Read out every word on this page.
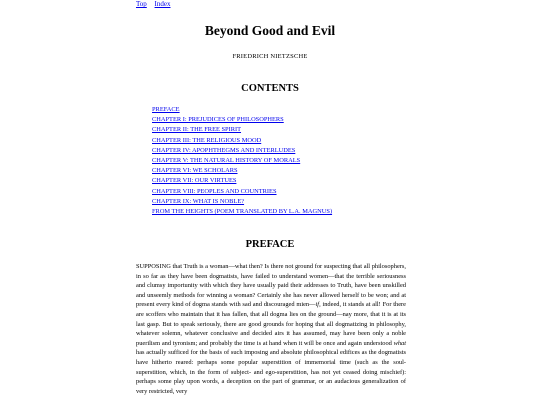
Top Index
Beyond Good and Evil
FRIEDRICH NIETZSCHE
CONTENTS
PREFACE
CHAPTER I: PREJUDICES OF PHILOSOPHERS
CHAPTER II: THE FREE SPIRIT
CHAPTER III: THE RELIGIOUS MOOD
CHAPTER IV: APOPHTHEGMS AND INTERLUDES
CHAPTER V: THE NATURAL HISTORY OF MORALS
CHAPTER VI: WE SCHOLARS
CHAPTER VII: OUR VIRTUES
CHAPTER VIII: PEOPLES AND COUNTRIES
CHAPTER IX: WHAT IS NOBLE?
FROM THE HEIGHTS (POEM TRANSLATED BY L.A. MAGNUS)
PREFACE

SUPPOSING that Truth is a woman—what then? Is there not ground for suspecting that all philosophers, in so far as they have been dogmatists, have failed to understand women—that the terrible seriousness and clumsy importunity with which they have usually paid their addresses to Truth, have been unskilled and unseemly methods for winning a woman? Certainly she has never allowed herself to be won; and at present every kind of dogma stands with sad and discouraged mien—if, indeed, it stands at all! For there are scoffers who maintain that it has fallen, that all dogma lies on the ground—nay more, that it is at its last gasp. But to speak seriously, there are good grounds for hoping that all dogmatizing in philosophy, whatever solemn, whatever conclusive and decided airs it has assumed, may have been only a noble puerilism and tyronism; and probably the time is at hand when it will be once and again understood what has actually sufficed for the basis of such imposing and absolute philosophical edifices as the dogmatists have hitherto reared: perhaps some popular superstition of immemorial time (such as the soul-superstition, which, in the form of subject- and ego-superstition, has not yet ceased doing mischief): perhaps some play upon words, a deception on the part of grammar, or an audacious generalization of very restricted, very
